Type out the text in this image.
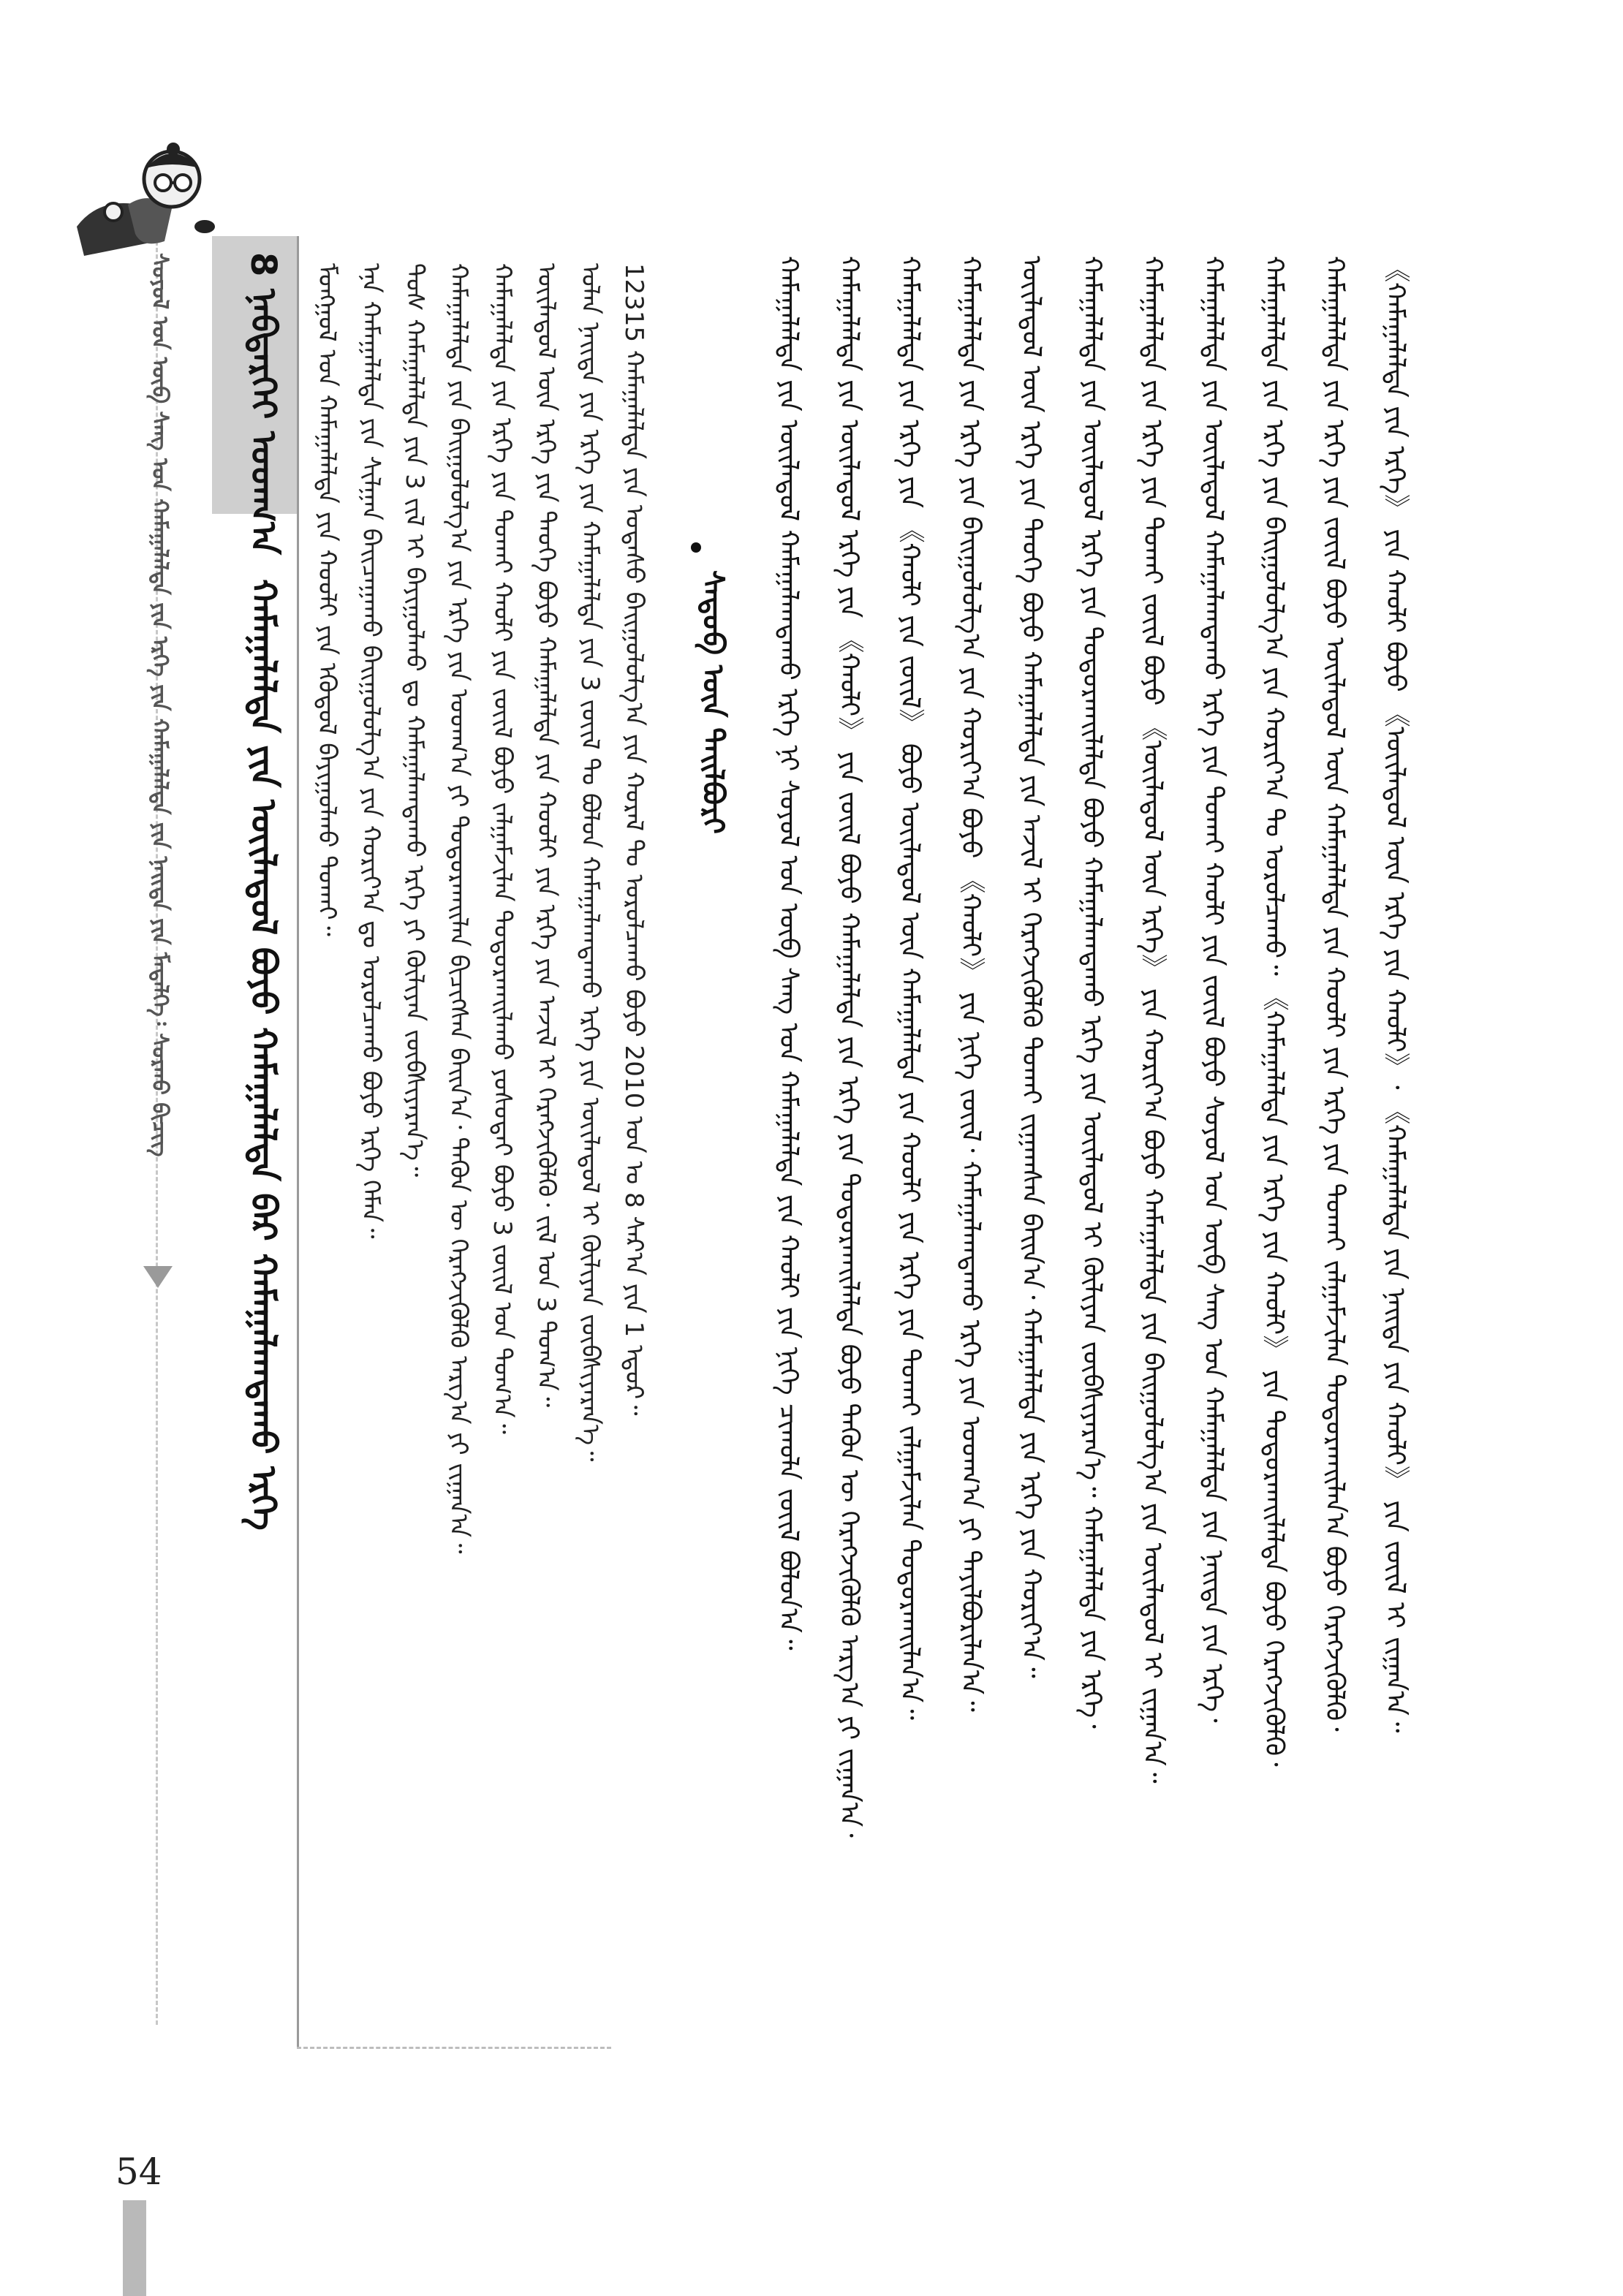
ᠰᠣᠶᠤᠯ ᠤᠨ ᠥᠪ ᠰᠠᠩ ᠤᠨ ᠬᠠᠮᠠᠭᠠᠯᠠᠯᠲᠠ ᠶᠢᠨ ᠡᠷᠬᠡ ᠶᠢᠨ ᠬᠠᠮᠠᠭᠠᠯᠠᠯᠲᠠ ᠶᠢᠨ ᠨᠡᠢᠲᠡ ᠶᠢᠨ ᠮᠡᠳᠡᠯᠭᠡ᠄ ᠰᠤᠷᠬᠤ ᠪᠢᠴᠢᠭ 8 ᠨᠡᠪᠲᠡᠷᠬᠡᠢ ᠤᠳᠬ᠎ᠠ  ᠬᠠᠮᠠᠭᠠᠯᠠᠯᠲᠠ ᠶᠢᠨ ᠦᠢᠯᠡᠳᠦᠯ ᠪᠤᠶᠤ ᠬᠠᠮᠠᠭᠠᠯᠠᠯᠲᠠ ᠪᠡᠷ ᠬᠠᠮᠠᠭᠠᠯᠠᠭᠳᠠᠬᠤ ᠡᠷᠬᠡ	ᠮᠣᠩᠭᠣᠯ ᠤᠨ ᠬᠠᠮᠠᠭᠠᠯᠠᠯᠲᠠ ᠶᠢᠨ ᠬᠤᠤᠯᠢ ᠶᠢᠨ ᠡᠭᠦᠳᠦᠯ ᠪᠠᠶᠢᠭᠤᠯᠬᠤ ᠲᠤᠬᠠᠢ᠃ ᠡᠨᠡ ᠬᠠᠮᠠᠭᠠᠯᠠᠯᠲᠠ ᠶᠢᠨ ᠰᠢᠯᠭᠠᠨ ᠪᠠᠢᠴᠠᠭᠠᠬᠤ ᠪᠠᠢᠭᠤᠯᠤᠯᠭ᠎ᠠ ᠶᠢᠨ ᠬᠤᠷᠢᠶ᠎ᠠ ᠳᠤ ᠣᠷᠣᠯᠴᠠᠬᠤ ᠪᠤᠶᠤ ᠡᠷᠬᠡ ᠬᠡᠮᠡᠨ᠃ ᠲᠤᠰ ᠬᠠᠮᠠᠭᠠᠯᠠᠯᠲᠠ ᠶᠢᠨ 3 ᠵᠢᠯ ᠢ ᠪᠠᠶᠢᠭᠤᠯᠬᠤ ᠳᠤ ᠬᠠᠮᠠᠭᠠᠯᠠᠭᠳᠠᠬᠤ ᠡᠷᠬᠡ ᠶᠢ ᠬᠦᠯᠢᠶᠡᠨ ᠵᠦᠪᠰᠢᠶᠡᠷᠡᠨ᠎ᠡ᠃ ᠬᠠᠮᠠᠭᠠᠯᠠᠯᠲᠠ ᠶᠢᠨ ᠪᠠᠢᠭᠤᠯᠤᠯᠭ᠎ᠠ ᠶᠢᠨ ᠡᠷᠬᠡ ᠶᠢᠨ ᠤᠳᠬ᠎ᠠ ᠶᠢ ᠲᠣᠳᠣᠷᠬᠠᠢᠯᠠᠨ ᠪᠢᠴᠢᠭᠰᠡᠨ ᠪᠠᠢᠨ᠎ᠠ᠂ ᠲᠡᠭᠦᠨ ᠦ ᠬᠡᠷᠡᠭᠵᠢᠭᠦᠯᠬᠦ ᠠᠷᠭ᠎ᠠ ᠶᠢ ᠵᠢᠭᠠᠨ᠎ᠠ᠃ ᠬᠠᠮᠠᠭᠠᠯᠠᠯᠲᠠ ᠶᠢᠨ ᠡᠷᠬᠡ ᠶᠢᠨ ᠲᠤᠬᠠᠢ ᠬᠠᠤᠯᠢ ᠶᠢᠨ ᠵᠦᠢᠯ ᠪᠤᠶᠤ ᠵᠠᠯᠭᠠᠮᠵᠢᠯᠠᠨ ᠲᠣᠳᠣᠷᠬᠠᠢᠯᠠᠬᠤ ᠶᠣᠰᠣᠲᠠᠢ ᠪᠤᠶᠤ 3 ᠵᠦᠢᠯ ᠤᠨ ᠲᠣᠭ᠎ᠠ᠃ ᠦᠢᠯᠡᠳᠦᠯ ᠦᠨ ᠡᠷᠬᠡ ᠶᠢᠨ ᠲᠡᠦᠬᠡ ᠪᠤᠶᠤ ᠬᠠᠮᠠᠭᠠᠯᠠᠯᠲᠠ ᠶᠢᠨ ᠬᠤᠤᠯᠢ ᠶᠢᠨ ᠡᠷᠬᠡ ᠶᠢᠨ ᠠᠵᠢᠯ ᠢ ᠬᠡᠷᠡᠭᠵᠢᠭᠦᠯᠬᠦ᠂ ᠵᠢᠯ ᠤᠨ 3 ᠲᠣᠭ᠎ᠠ᠃ ᠣᠯᠠᠨ ᠨᠡᠢᠲᠡ ᠶᠢᠨ ᠡᠷᠬᠡ ᠶᠢᠨ ᠬᠠᠮᠠᠭᠠᠯᠠᠯᠲᠠ ᠶᠢᠨ 3 ᠵᠦᠢᠯ ᠲᠤ ᠪᠤᠯᠤᠨ ᠬᠠᠮᠠᠭᠠᠯᠠᠭᠳᠠᠬᠤ ᠡᠷᠬᠡ ᠶᠢᠨ ᠦᠢᠯᠡᠳᠦᠯ ᠢ ᠬᠦᠯᠢᠶᠡᠨ ᠵᠦᠪᠰᠢᠶᠡᠷᠡᠨ᠎ᠡ᠃ 12315 ᠬᠠᠮᠠᠭᠠᠯᠠᠯᠲᠠ ᠶᠢᠨ ᠤᠲᠠᠰᠤ ᠪᠠᠢᠭᠤᠯᠤᠯᠭ᠎ᠠ ᠶᠢᠨ ᠬᠤᠷᠠᠯ ᠲᠤ ᠣᠷᠣᠯᠴᠠᠬᠤ ᠪᠤᠶᠤ 2010 ᠣᠨ ᠤ 8 ᠰᠠᠷ᠎ᠠ ᠶᠢᠨ 1 ᠡᠳᠦᠷ᠃	ᠰᠡᠳᠦᠪ ᠦᠨ ᠲᠠᠢᠯᠪᠤᠷᠢ	ᠬᠠᠮᠠᠭᠠᠯᠠᠯᠲᠠ ᠶᠢᠨ ᠦᠢᠯᠡᠳᠦᠯ ᠬᠠᠮᠠᠭᠠᠯᠠᠭᠳᠠᠬᠤ ᠡᠷᠬᠡ ᠨᠢ ᠰᠣᠶᠤᠯ ᠤᠨ ᠥᠪ ᠰᠠᠩ ᠤᠨ ᠬᠠᠮᠠᠭᠠᠯᠠᠯᠲᠠ ᠶᠢᠨ ᠬᠠᠤᠯᠢ ᠶᠢᠨ ᠨᠢᠭᠡ ᠴᠢᠬᠤᠯᠠ ᠵᠦᠢᠯ ᠪᠣᠯᠤᠨ᠎ᠠ᠃ ᠬᠠᠮᠠᠭᠠᠯᠠᠯᠲᠠ ᠶᠢᠨ ᠦᠢᠯᠡᠳᠦᠯ ᠡᠷᠬᠡ ᠶᠢᠨ 《ᠬᠠᠤᠯᠢ》 ᠶᠢᠨ ᠵᠦᠢᠯ ᠪᠤᠶᠤ ᠬᠠᠮᠠᠭᠠᠯᠠᠯᠲᠠ ᠶᠢᠨ ᠡᠷᠬᠡ ᠶᠢᠨ ᠲᠣᠳᠣᠷᠬᠠᠢᠯᠠᠯᠲᠠ ᠪᠤᠶᠤ ᠲᠡᠭᠦᠨ ᠦ ᠬᠡᠷᠡᠭᠵᠢᠭᠦᠯᠬᠦ ᠠᠷᠭ᠎ᠠ ᠶᠢ ᠵᠢᠭᠠᠨ᠎ᠠ᠂ ᠬᠠᠮᠠᠭᠠᠯᠠᠯᠲᠠ ᠶᠢᠨ ᠡᠷᠬᠡ ᠶᠢᠨ 《ᠬᠠᠤᠯᠢ ᠶᠢᠨ ᠵᠦᠢᠯ》 ᠪᠤᠶᠤ ᠦᠢᠯᠡᠳᠦᠯ ᠦᠨ ᠬᠠᠮᠠᠭᠠᠯᠠᠯᠲᠠ ᠶᠢᠨ ᠬᠤᠤᠯᠢ ᠶᠢᠨ ᠡᠷᠬᠡ ᠶᠢᠨ ᠲᠤᠬᠠᠢ ᠵᠠᠯᠭᠠᠮᠵᠢᠯᠠᠨ ᠲᠣᠳᠣᠷᠬᠠᠢᠯᠠᠨ᠎ᠠ᠃ ᠬᠠᠮᠠᠭᠠᠯᠠᠯᠲᠠ ᠶᠢᠨ ᠡᠷᠬᠡ ᠶᠢᠨ ᠪᠠᠢᠭᠤᠯᠤᠯᠭ᠎ᠠ ᠶᠢᠨ ᠬᠤᠷᠢᠶ᠎ᠠ ᠪᠤᠶᠤ 《ᠬᠠᠤᠯᠢ》 ᠶᠢᠨ ᠨᠢᠭᠡ ᠵᠦᠢᠯ᠂ ᠬᠠᠮᠠᠭᠠᠯᠠᠭᠳᠠᠬᠤ ᠡᠷᠬᠡ ᠶᠢᠨ ᠤᠳᠬ᠎ᠠ ᠶᠢ ᠲᠠᠶᠢᠯᠪᠤᠷᠢᠯᠠᠨ᠎ᠠ᠃ ᠦᠢᠯᠡᠳᠦᠯ ᠦᠨ ᠡᠷᠬᠡ ᠶᠢᠨ ᠲᠡᠦᠬᠡ ᠪᠤᠶᠤ ᠬᠠᠮᠠᠭᠠᠯᠠᠯᠲᠠ ᠶᠢᠨ ᠠᠵᠢᠯ ᠢ ᠬᠡᠷᠡᠭᠵᠢᠭᠦᠯᠬᠦ ᠲᠤᠬᠠᠢ ᠵᠢᠭᠠᠭᠰᠠᠨ ᠪᠠᠢᠨ᠎ᠠ᠂ ᠬᠠᠮᠠᠭᠠᠯᠠᠯᠲᠠ ᠶᠢᠨ ᠡᠷᠬᠡ ᠶᠢᠨ ᠬᠤᠷᠢᠶ᠎ᠠ᠃ ᠬᠠᠮᠠᠭᠠᠯᠠᠯᠲᠠ ᠶᠢᠨ ᠦᠢᠯᠡᠳᠦᠯ ᠡᠷᠬᠡ ᠶᠢᠨ ᠲᠣᠳᠣᠷᠬᠠᠢᠯᠠᠯᠲᠠ ᠪᠤᠶᠤ ᠬᠠᠮᠠᠭᠠᠯᠠᠭᠳᠠᠬᠤ ᠡᠷᠬᠡ ᠶᠢᠨ ᠦᠢᠯᠡᠳᠦᠯ ᠢ ᠬᠦᠯᠢᠶᠡᠨ ᠵᠦᠪᠰᠢᠶᠡᠷᠡᠨ᠎ᠡ᠃ ᠬᠠᠮᠠᠭᠠᠯᠠᠯᠲᠠ ᠶᠢᠨ ᠡᠷᠬᠡ᠂ ᠬᠠᠮᠠᠭᠠᠯᠠᠯᠲᠠ ᠶᠢᠨ ᠡᠷᠬᠡ ᠶᠢᠨ ᠲᠤᠬᠠᠢ ᠵᠦᠢᠯ ᠪᠤᠶᠤ 《ᠦᠢᠯᠡᠳᠦᠯ ᠦᠨ ᠡᠷᠬᠡ》 ᠶᠢᠨ ᠬᠤᠷᠢᠶ᠎ᠠ ᠪᠤᠶᠤ ᠬᠠᠮᠠᠭᠠᠯᠠᠯᠲᠠ ᠶᠢᠨ ᠪᠠᠢᠭᠤᠯᠤᠯᠭ᠎ᠠ ᠶᠢᠨ ᠦᠢᠯᠡᠳᠦᠯ ᠢ ᠵᠢᠭᠠᠨ᠎ᠠ᠃ ᠬᠠᠮᠠᠭᠠᠯᠠᠯᠲᠠ ᠶᠢᠨ ᠦᠢᠯᠡᠳᠦᠯ ᠬᠠᠮᠠᠭᠠᠯᠠᠭᠳᠠᠬᠤ ᠡᠷᠬᠡ ᠶᠢᠨ ᠲᠤᠬᠠᠢ ᠬᠠᠤᠯᠢ ᠶᠢᠨ ᠵᠦᠢᠯ ᠪᠤᠶᠤ ᠰᠣᠶᠤᠯ ᠤᠨ ᠥᠪ ᠰᠠᠩ ᠤᠨ ᠬᠠᠮᠠᠭᠠᠯᠠᠯᠲᠠ ᠶᠢᠨ ᠨᠡᠢᠲᠡ ᠶᠢᠨ ᠡᠷᠬᠡ᠂ ᠬᠠᠮᠠᠭᠠᠯᠠᠯᠲᠠ ᠶᠢᠨ ᠡᠷᠬᠡ ᠶᠢᠨ ᠪᠠᠢᠭᠤᠯᠤᠯᠭ᠎ᠠ ᠶᠢᠨ ᠬᠤᠷᠢᠶ᠎ᠠ ᠲᠤ ᠣᠷᠣᠯᠴᠠᠬᠤ᠃ 《ᠬᠠᠮᠠᠭᠠᠯᠠᠯᠲᠠ ᠶᠢᠨ ᠡᠷᠬᠡ ᠶᠢᠨ ᠬᠠᠤᠯᠢ》 ᠶᠢᠨ ᠲᠣᠳᠣᠷᠬᠠᠢᠯᠠᠯᠲᠠ ᠪᠤᠶᠤ ᠬᠡᠷᠡᠭᠵᠢᠭᠦᠯᠬᠦ᠂ ᠬᠠᠮᠠᠭᠠᠯᠠᠯᠲᠠ ᠶᠢᠨ ᠡᠷᠬᠡ ᠶᠢᠨ ᠵᠦᠢᠯ ᠪᠤᠶᠤ ᠦᠢᠯᠡᠳᠦᠯ ᠦᠨ ᠬᠠᠮᠠᠭᠠᠯᠠᠯᠲᠠ ᠶᠢᠨ ᠬᠤᠤᠯᠢ ᠶᠢᠨ ᠡᠷᠬᠡ ᠶᠢᠨ ᠲᠤᠬᠠᠢ ᠵᠠᠯᠭᠠᠮᠵᠢᠯᠠᠨ ᠲᠣᠳᠣᠷᠬᠠᠢᠯᠠᠨ᠎ᠠ ᠪᠤᠶᠤ ᠬᠡᠷᠡᠭᠵᠢᠭᠦᠯᠬᠦ᠂ 《ᠬᠠᠮᠠᠭᠠᠯᠠᠯᠲᠠ ᠶᠢᠨ ᠡᠷᠬᠡ》 ᠶᠢᠨ ᠬᠠᠤᠯᠢ ᠪᠤᠶᠤ 《ᠦᠢᠯᠡᠳᠦᠯ ᠦᠨ ᠡᠷᠬᠡ ᠶᠢᠨ ᠬᠠᠤᠯᠢ》᠂ 《ᠬᠠᠮᠠᠭᠠᠯᠠᠯᠲᠠ ᠶᠢᠨ ᠨᠡᠢᠲᠡ ᠶᠢᠨ ᠬᠠᠤᠯᠢ》 ᠶᠢᠨ ᠵᠦᠢᠯ ᠢ ᠵᠢᠭᠠᠨ᠎ᠠ᠃
54
